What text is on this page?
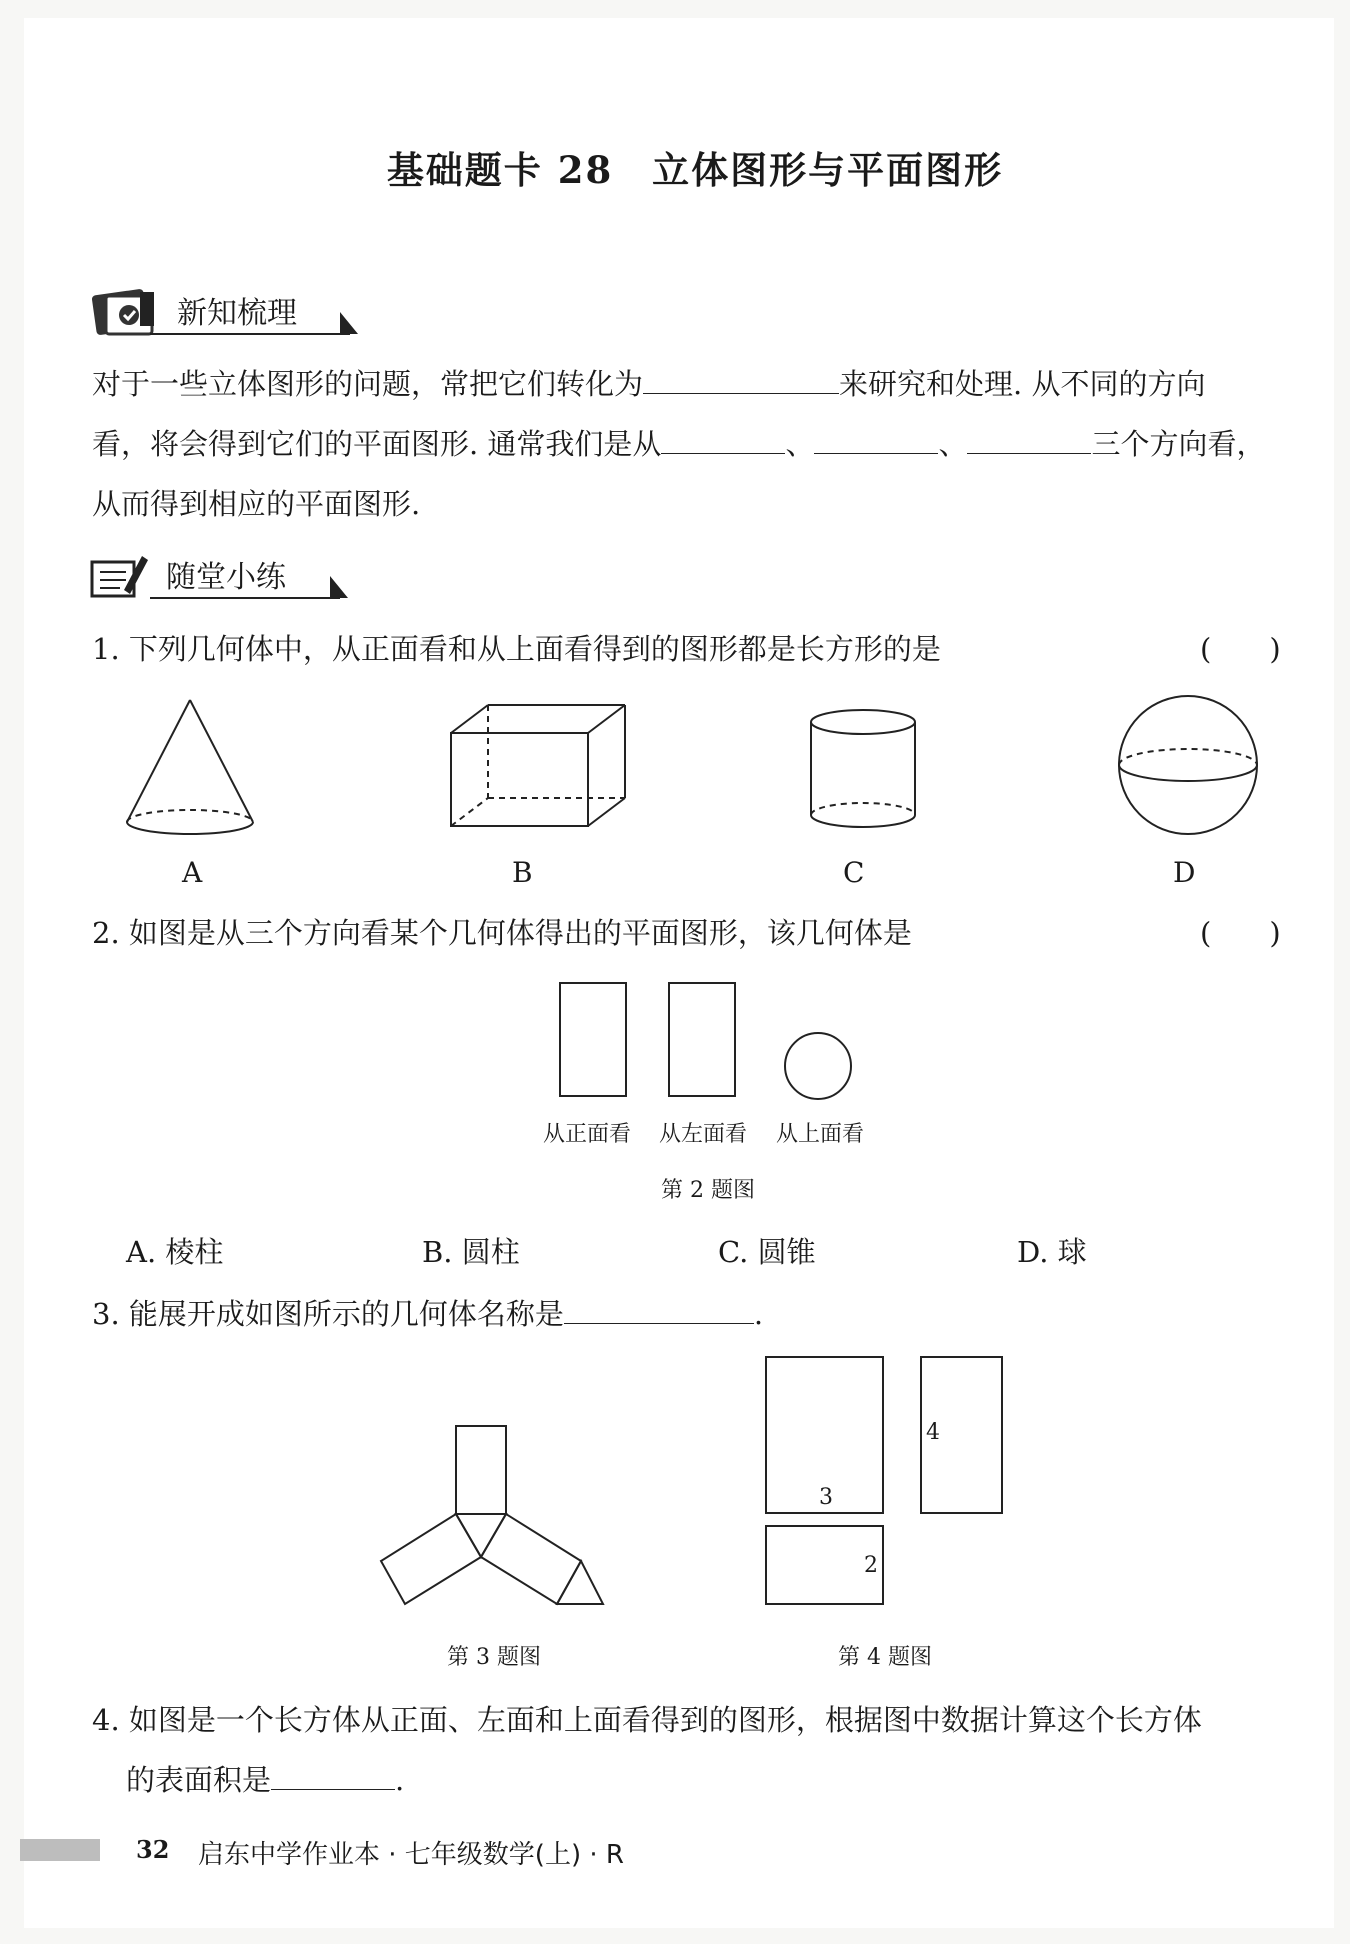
基础题卡 28　立体图形与平面图形
新知梳理
对于一些立体图形的问题，常把它们转化为	来研究和处理. 从不同的方向
看，将会得到它们的平面图形. 通常我们是从	、	、	三个方向看，
从而得到相应的平面图形.
随堂小练
1. 下列几何体中，从正面看和从上面看得到的图形都是长方形的是	(　　)
A	B	C	D
2. 如图是从三个方向看某个几何体得出的平面图形，该几何体是	(　　)
从正面看 从左面看 从上面看
第 2 题图
A. 棱柱	B. 圆柱	C. 圆锥	D. 球
3. 能展开成如图所示的几何体名称是	.
第 3 题图
3
4
2
第 4 题图
4. 如图是一个长方体从正面、左面和上面看得到的图形，根据图中数据计算这个长方体
的表面积是	.
32 启东中学作业本 · 七年级数学(上) · R
